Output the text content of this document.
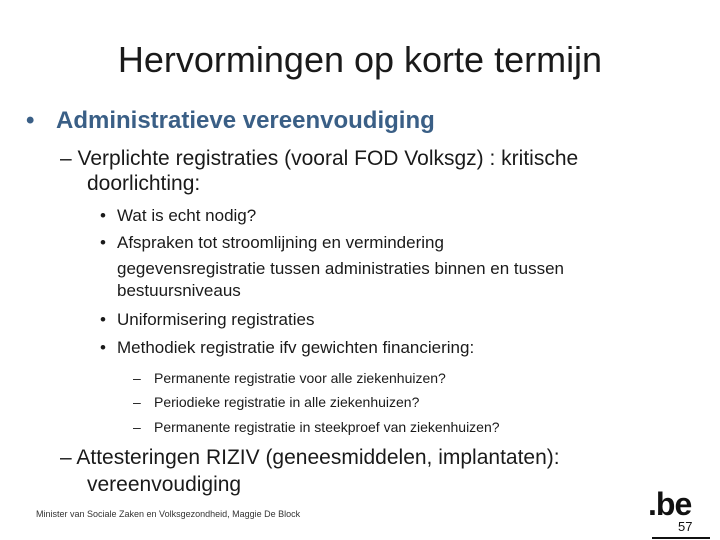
Hervormingen op korte termijn
• Administratieve vereenvoudiging
– Verplichte registraties (vooral FOD Volksgz) : kritische
doorlichting:
• Wat is echt nodig?
• Afspraken tot stroomlijning en vermindering
gegevensregistratie tussen administraties binnen en tussen
bestuursniveaus
• Uniformisering registraties
• Methodiek registratie ifv gewichten financiering:
– Permanente registratie voor alle ziekenhuizen?
– Periodieke registratie in alle ziekenhuizen?
– Permanente registratie in steekproef van ziekenhuizen?
– Attesteringen RIZIV (geneesmiddelen, implantaten):
vereenvoudiging
Minister van Sociale Zaken en Volksgezondheid, Maggie De Block	.be
57
